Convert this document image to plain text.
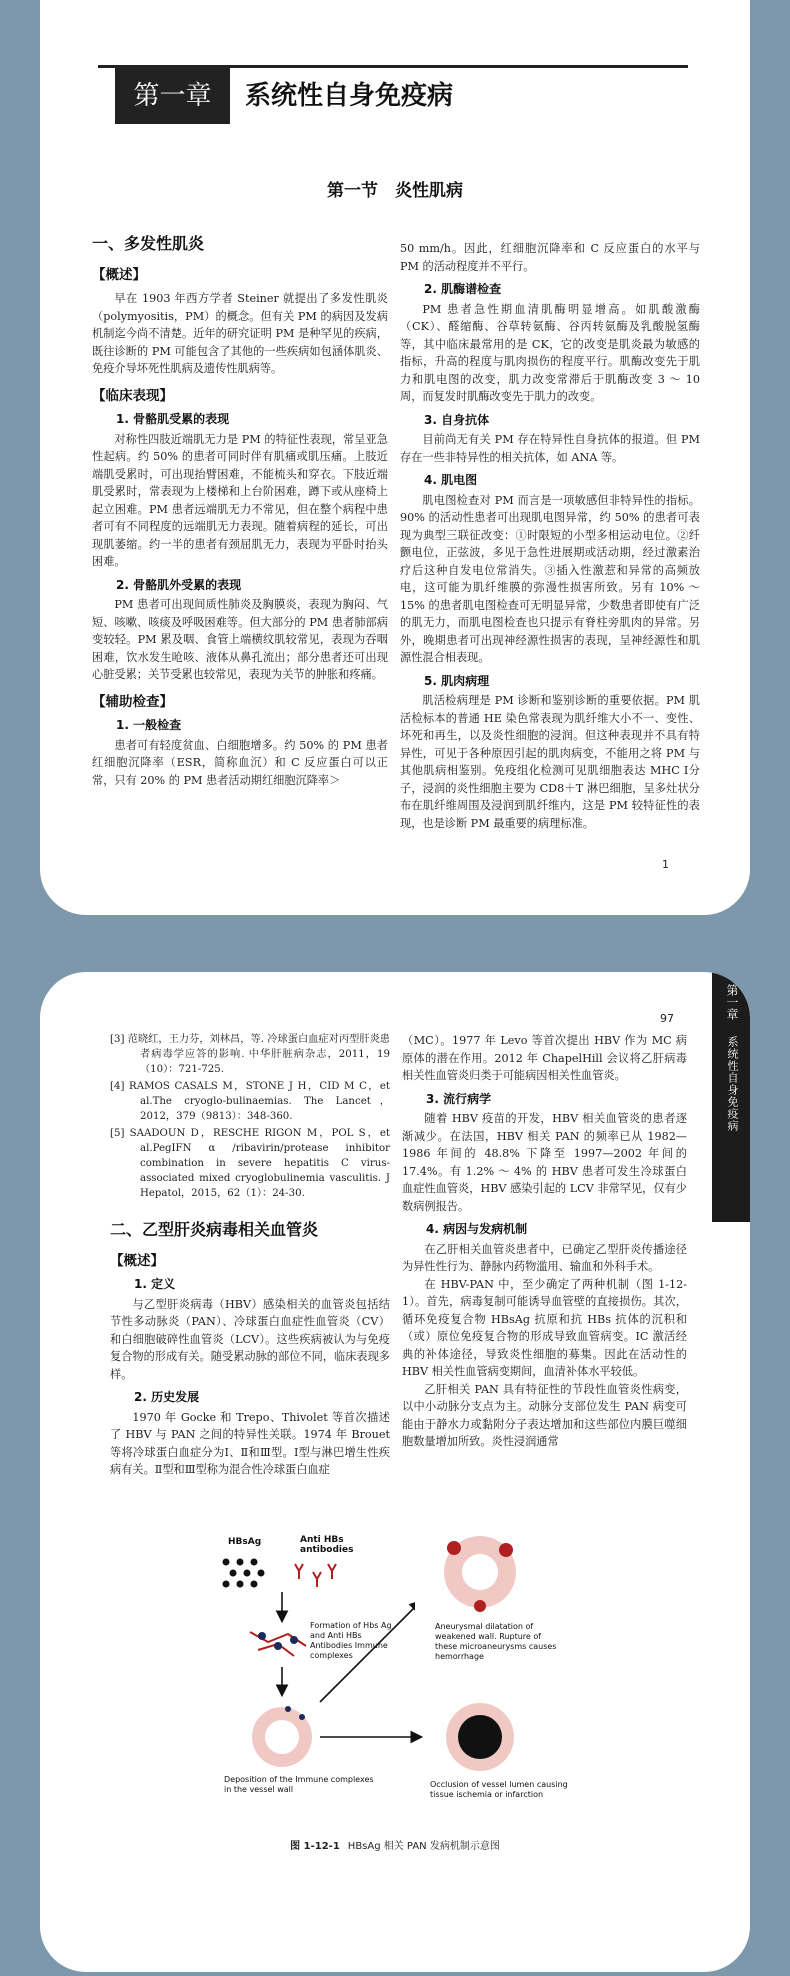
第一章	系统性自身免疫病
第一节　炎性肌病
一、多发性肌炎
【概述】

早在 1903 年西方学者 Steiner 就提出了多发性肌炎（polymyositis，PM）的概念。但有关 PM 的病因及发病机制迄今尚不清楚。近年的研究证明 PM 是种罕见的疾病，既往诊断的 PM 可能包含了其他的一些疾病如包涵体肌炎、免疫介导坏死性肌病及遗传性肌病等。

【临床表现】
1. 骨骼肌受累的表现

对称性四肢近端肌无力是 PM 的特征性表现，常呈亚急性起病。约 50% 的患者可同时伴有肌痛或肌压痛。上肢近端肌受累时，可出现抬臂困难，不能梳头和穿衣。下肢近端肌受累时，常表现为上楼梯和上台阶困难，蹲下或从座椅上起立困难。PM 患者远端肌无力不常见，但在整个病程中患者可有不同程度的远端肌无力表现。随着病程的延长，可出现肌萎缩。约一半的患者有颈屈肌无力，表现为平卧时抬头困难。

2. 骨骼肌外受累的表现

PM 患者可出现间质性肺炎及胸膜炎，表现为胸闷、气短、咳嗽、咳痰及呼吸困难等。但大部分的 PM 患者肺部病变较轻。PM 累及咽、食管上端横纹肌较常见，表现为吞咽困难，饮水发生呛咳、液体从鼻孔流出；部分患者还可出现心脏受累；关节受累也较常见，表现为关节的肿胀和疼痛。

【辅助检查】
1. 一般检查

患者可有轻度贫血、白细胞增多。约 50% 的 PM 患者红细胞沉降率（ESR，简称血沉）和 C 反应蛋白可以正常，只有 20% 的 PM 患者活动期红细胞沉降率＞

50 mm/h。因此，红细胞沉降率和 C 反应蛋白的水平与 PM 的活动程度并不平行。

2. 肌酶谱检查

PM 患者急性期血清肌酶明显增高。如肌酸激酶（CK）、醛缩酶、谷草转氨酶、谷丙转氨酶及乳酸脱氢酶等，其中临床最常用的是 CK，它的改变是肌炎最为敏感的指标，升高的程度与肌肉损伤的程度平行。肌酶改变先于肌力和肌电图的改变，肌力改变常滞后于肌酶改变 3 ～ 10 周，而复发时肌酶改变先于肌力的改变。

3. 自身抗体

目前尚无有关 PM 存在特异性自身抗体的报道。但 PM 存在一些非特异性的相关抗体，如 ANA 等。

4. 肌电图

肌电图检查对 PM 而言是一项敏感但非特异性的指标。90% 的活动性患者可出现肌电图异常，约 50% 的患者可表现为典型三联征改变：①时限短的小型多相运动电位。②纤颤电位，正弦波，多见于急性进展期或活动期，经过激素治疗后这种自发电位常消失。③插入性激惹和异常的高频放电，这可能为肌纤维膜的弥漫性损害所致。另有 10% ～ 15% 的患者肌电图检查可无明显异常，少数患者即使有广泛的肌无力，而肌电图检查也只提示有脊柱旁肌肉的异常。另外，晚期患者可出现神经源性损害的表现，呈神经源性和肌源性混合相表现。

5. 肌肉病理

肌活检病理是 PM 诊断和鉴别诊断的重要依据。PM 肌活检标本的普通 HE 染色常表现为肌纤维大小不一、变性、坏死和再生，以及炎性细胞的浸润。但这种表现并不具有特异性，可见于各种原因引起的肌肉病变，不能用之将 PM 与其他肌病相鉴别。免疫组化检测可见肌细胞表达 MHC Ⅰ分子，浸润的炎性细胞主要为 CD8＋T 淋巴细胞，呈多灶状分布在肌纤维周围及浸润到肌纤维内，这是 PM 较特征性的表现，也是诊断 PM 最重要的病理标准。

1
97	第一章
系统性自身免疫病
[3] 范晓红，王力芬，刘林昌，等. 冷球蛋白血症对丙型肝炎患者病毒学应答的影响. 中华肝脏病杂志，2011，19（10）：721-725.
[4] RAMOS CASALS M，STONE J H，CID M C，et al.The cryoglo-bulinaemias. The Lancet，2012，379（9813）：348-360.
[5] SAADOUN D，RESCHE RIGON M，POL S，et al.PegIFN α /ribavirin/protease inhibitor combination in severe hepatitis C virus-associated mixed cryoglobulinemia vasculitis. J Hepatol，2015，62（1）：24-30.
二、乙型肝炎病毒相关血管炎
【概述】
1. 定义

与乙型肝炎病毒（HBV）感染相关的血管炎包括结节性多动脉炎（PAN）、冷球蛋白血症性血管炎（CV）和白细胞破碎性血管炎（LCV）。这些疾病被认为与免疫复合物的形成有关。随受累动脉的部位不同，临床表现多样。

2. 历史发展

1970 年 Gocke 和 Trepo、Thivolet 等首次描述了 HBV 与 PAN 之间的特异性关联。1974 年 Brouet 等将冷球蛋白血症分为Ⅰ、Ⅱ和Ⅲ型。Ⅰ型与淋巴增生性疾病有关。Ⅱ型和Ⅲ型称为混合性冷球蛋白血症

（MC）。1977 年 Levo 等首次提出 HBV 作为 MC 病原体的潜在作用。2012 年 ChapelHill 会议将乙肝病毒相关性血管炎归类于可能病因相关性血管炎。

3. 流行病学

随着 HBV 疫苗的开发，HBV 相关血管炎的患者逐渐减少。在法国，HBV 相关 PAN 的频率已从 1982—1986 年间的 48.8% 下降至 1997—2002 年间的 17.4%。有 1.2% ～ 4% 的 HBV 患者可发生冷球蛋白血症性血管炎，HBV 感染引起的 LCV 非常罕见，仅有少数病例报告。

4. 病因与发病机制

在乙肝相关血管炎患者中，已确定乙型肝炎传播途径为异性性行为、静脉内药物滥用、输血和外科手术。

在 HBV-PAN 中，至少确定了两种机制（图 1-12-1）。首先，病毒复制可能诱导血管壁的直接损伤。其次，循环免疫复合物 HBsAg 抗原和抗 HBs 抗体的沉积和（或）原位免疫复合物的形成导致血管病变。IC 激活经典的补体途径，导致炎性细胞的募集。因此在活动性的 HBV 相关性血管病变期间，血清补体水平较低。

乙肝相关 PAN 具有特征性的节段性血管炎性病变，以中小动脉分支点为主。动脉分支部位发生 PAN 病变可能由于静水力或黏附分子表达增加和这些部位内膜巨噬细胞数量增加所致。炎性浸润通常

HBsAg	Anti HBs antibodies
Formation of Hbs Ag and Anti HBs Antibodies Immune complexes
Deposition of the Immune complexes in the vessel wall
Aneurysmal dilatation of weakened wall. Rupture of these microaneurysms causes hemorrhage
Occlusion of vessel lumen causing tissue ischemia or infarction
图 1-12-1 HBsAg 相关 PAN 发病机制示意图
